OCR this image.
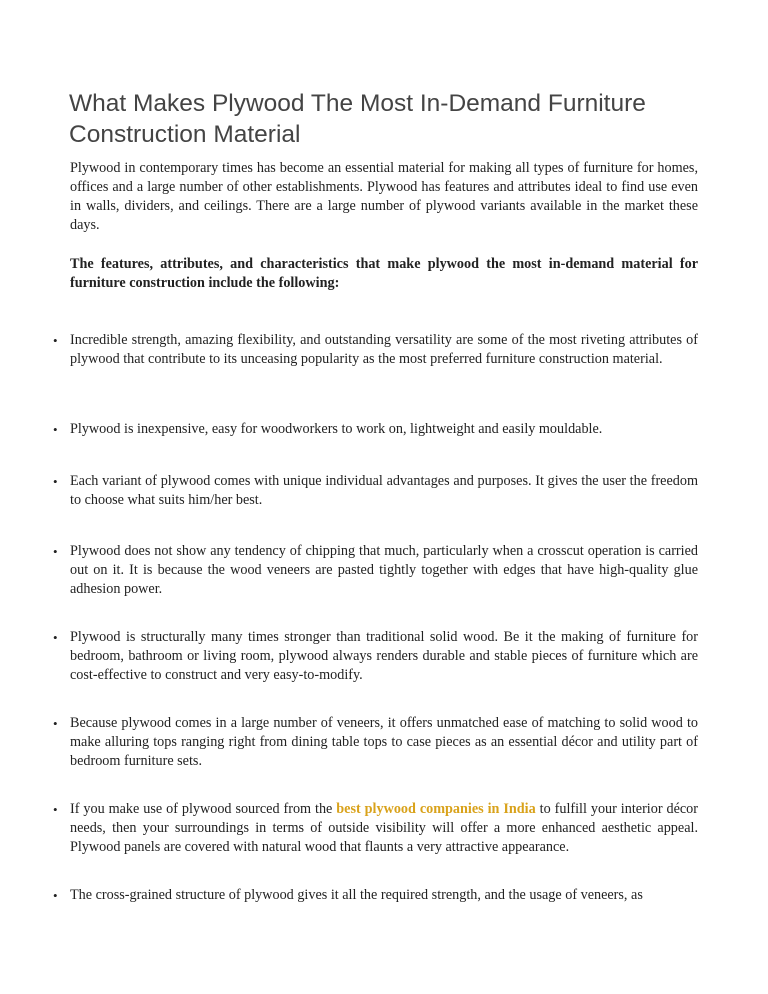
What Makes Plywood The Most In-Demand Furniture Construction Material

Plywood in contemporary times has become an essential material for making all types of furniture for homes, offices and a large number of other establishments. Plywood has features and attributes ideal to find use even in walls, dividers, and ceilings. There are a large number of plywood variants available in the market these days.

The features, attributes, and characteristics that make plywood the most in-demand material for furniture construction include the following:

• Incredible strength, amazing flexibility, and outstanding versatility are some of the most riveting attributes of plywood that contribute to its unceasing popularity as the most preferred furniture construction material.

• Plywood is inexpensive, easy for woodworkers to work on, lightweight and easily mouldable.

• Each variant of plywood comes with unique individual advantages and purposes. It gives the user the freedom to choose what suits him/her best.

• Plywood does not show any tendency of chipping that much, particularly when a crosscut operation is carried out on it. It is because the wood veneers are pasted tightly together with edges that have high-quality glue adhesion power.

• Plywood is structurally many times stronger than traditional solid wood. Be it the making of furniture for bedroom, bathroom or living room, plywood always renders durable and stable pieces of furniture which are cost-effective to construct and very easy-to-modify.

• Because plywood comes in a large number of veneers, it offers unmatched ease of matching to solid wood to make alluring tops ranging right from dining table tops to case pieces as an essential décor and utility part of bedroom furniture sets.

• If you make use of plywood sourced from the best plywood companies in India to fulfill your interior décor needs, then your surroundings in terms of outside visibility will offer a more enhanced aesthetic appeal. Plywood panels are covered with natural wood that flaunts a very attractive appearance.

• The cross-grained structure of plywood gives it all the required strength, and the usage of veneers, as
